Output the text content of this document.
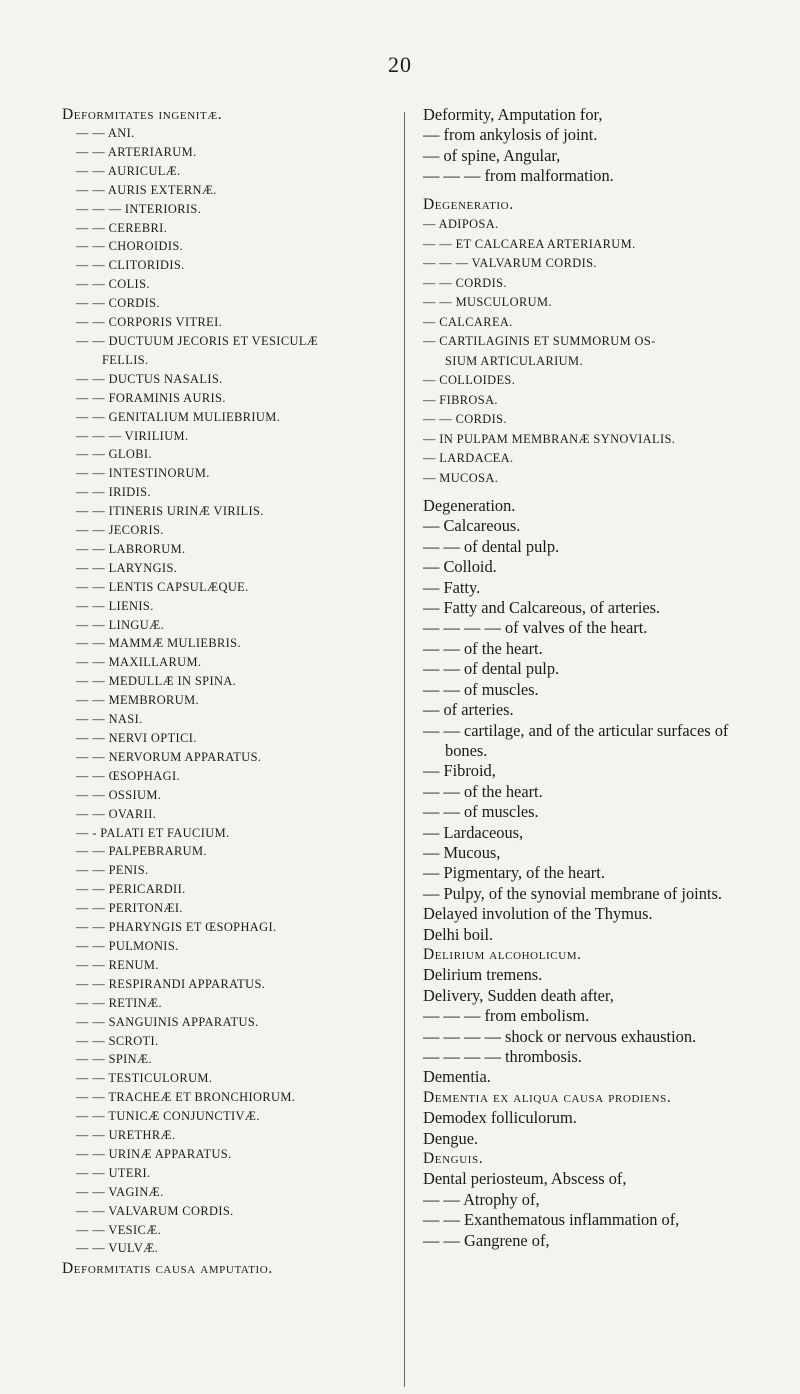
20

Deformitates ingenitæ.

— — ANI.

— — ARTERIARUM.

— — AURICULÆ.

— — AURIS EXTERNÆ.

— — — INTERIORIS.

— — CEREBRI.

— — CHOROIDIS.

— — CLITORIDIS.

— — COLIS.

— — CORDIS.

— — CORPORIS VITREI.

— — DUCTUUM JECORIS ET VESICULÆ

FELLIS.

— — DUCTUS NASALIS.

— — FORAMINIS AURIS.

— — GENITALIUM MULIEBRIUM.

— — — VIRILIUM.

— — GLOBI.

— — INTESTINORUM.

— — IRIDIS.

— — ITINERIS URINÆ VIRILIS.

— — JECORIS.

— — LABRORUM.

— — LARYNGIS.

— — LENTIS CAPSULÆQUE.

— — LIENIS.

— — LINGUÆ.

— — MAMMÆ MULIEBRIS.

— — MAXILLARUM.

— — MEDULLÆ IN SPINA.

— — MEMBRORUM.

— — NASI.

— — NERVI OPTICI.

— — NERVORUM APPARATUS.

— — ŒSOPHAGI.

— — OSSIUM.

— — OVARII.

— - PALATI ET FAUCIUM.

— — PALPEBRARUM.

— — PENIS.

— — PERICARDII.

— — PERITONÆI.

— — PHARYNGIS ET ŒSOPHAGI.

— — PULMONIS.

— — RENUM.

— — RESPIRANDI APPARATUS.

— — RETINÆ.

— — SANGUINIS APPARATUS.

— — SCROTI.

— — SPINÆ.

— — TESTICULORUM.

— — TRACHEÆ ET BRONCHIORUM.

— — TUNICÆ CONJUNCTIVÆ.

— — URETHRÆ.

— — URINÆ APPARATUS.

— — UTERI.

— — VAGINÆ.

— — VALVARUM CORDIS.

— — VESICÆ.

— — VULVÆ.

Deformitatis causa amputatio.

Deformity, Amputation for,

— from ankylosis of joint.

— of spine, Angular,

— — — from malformation.

Degeneratio.

— ADIPOSA.

— — ET CALCAREA ARTERIARUM.

— — — VALVARUM CORDIS.

— — CORDIS.

— — MUSCULORUM.

— CALCAREA.

— CARTILAGINIS ET SUMMORUM OS-

SIUM ARTICULARIUM.

— COLLOIDES.

— FIBROSA.

— — CORDIS.

— IN PULPAM MEMBRANÆ SYNOVIALIS.

— LARDACEA.

— MUCOSA.

Degeneration.

— Calcareous.

— — of dental pulp.

— Colloid.

— Fatty.

— Fatty and Calcareous, of arteries.

— — — — of valves of the heart.

— — of the heart.

— — of dental pulp.

— — of muscles.

— of arteries.

— — cartilage, and of the articular surfaces of bones.

— Fibroid,

— — of the heart.

— — of muscles.

— Lardaceous,

— Mucous,

— Pigmentary, of the heart.

— Pulpy, of the synovial membrane of joints.

Delayed involution of the Thymus.

Delhi boil.

Delirium alcoholicum.

Delirium tremens.

Delivery, Sudden death after,

— — — from embolism.

— — — — shock or nervous exhaustion.

— — — — thrombosis.

Dementia.

Dementia ex aliqua causa prodiens.

Demodex folliculorum.

Dengue.

Denguis.

Dental periosteum, Abscess of,

— — Atrophy of,

— — Exanthematous inflammation of,

— — Gangrene of,
